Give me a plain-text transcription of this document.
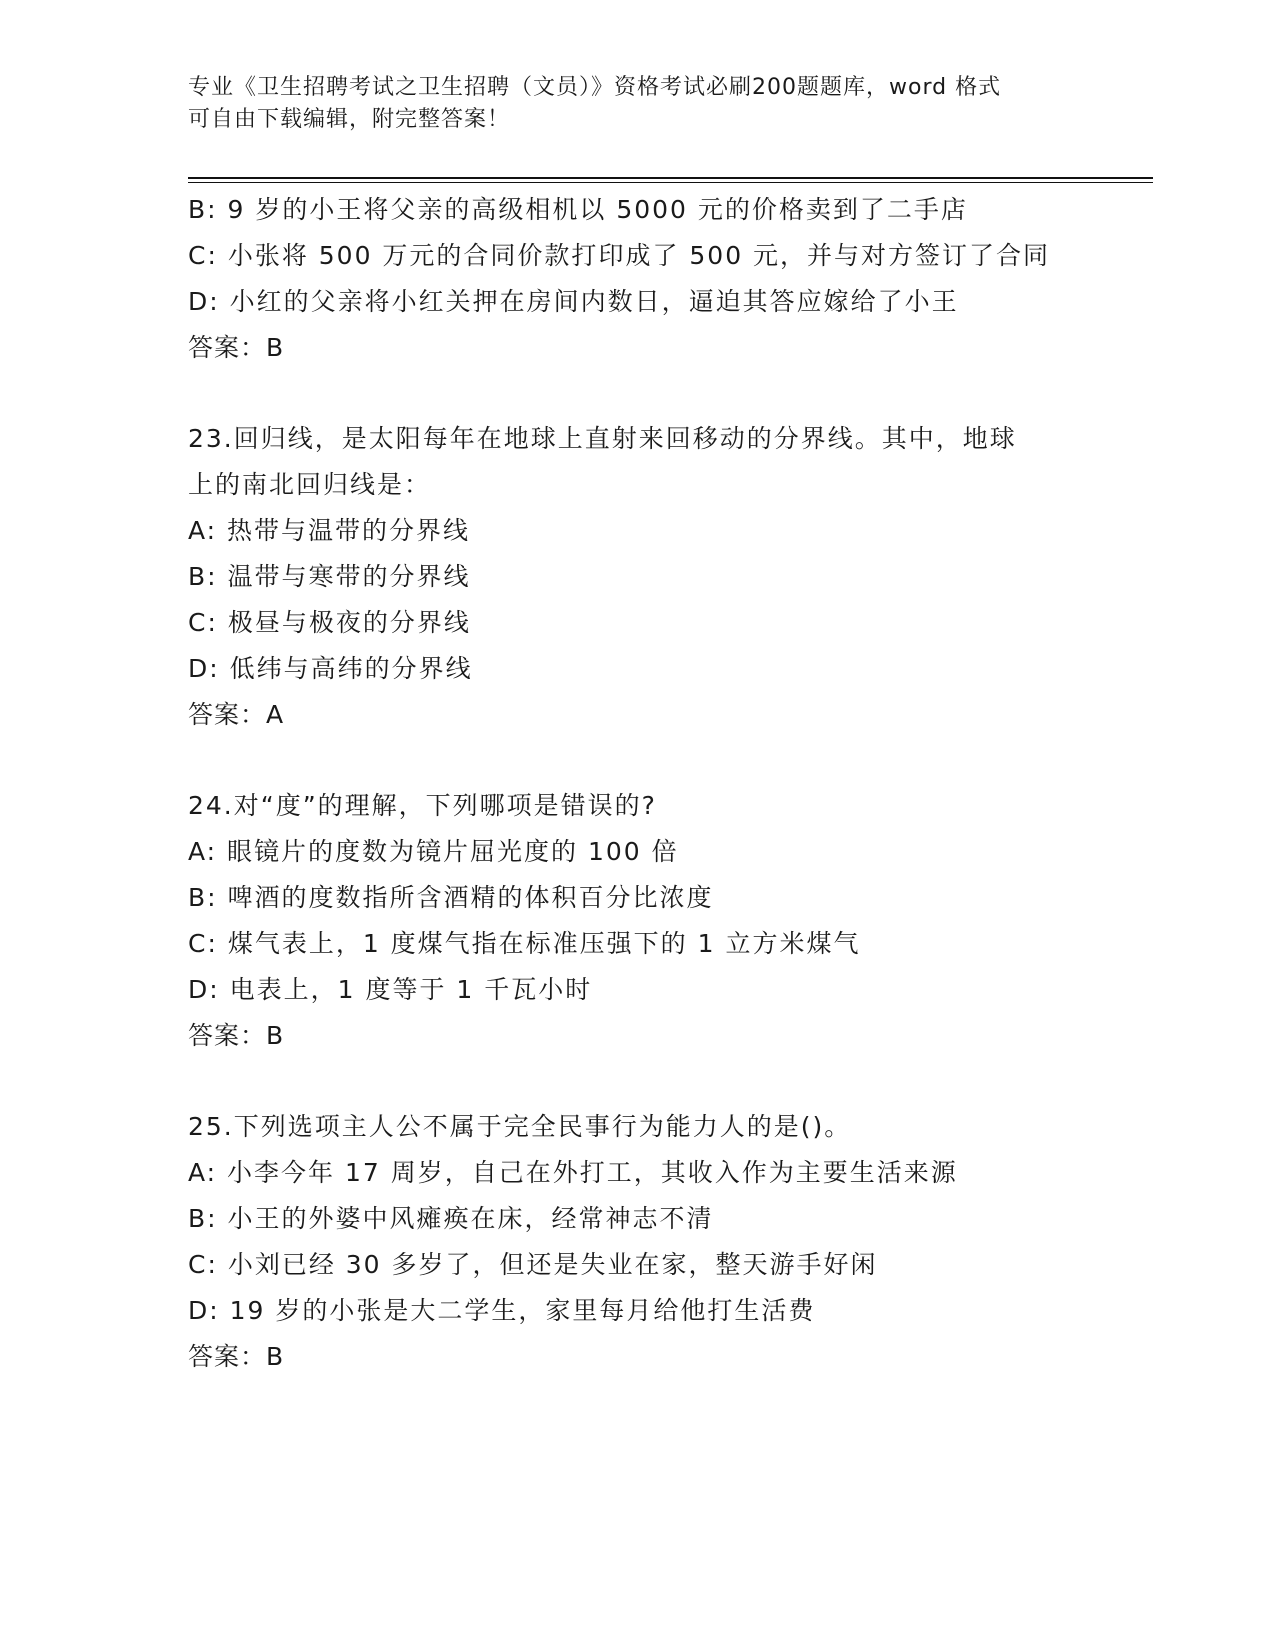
专业《卫生招聘考试之卫生招聘（文员）》资格考试必刷200题题库，word 格式
可自由下载编辑，附完整答案！
B: 9 岁的小王将父亲的高级相机以 5000 元的价格卖到了二手店
C: 小张将 500 万元的合同价款打印成了 500 元，并与对方签订了合同
D: 小红的父亲将小红关押在房间内数日，逼迫其答应嫁给了小王
答案：B
23.回归线，是太阳每年在地球上直射来回移动的分界线。其中，地球
上的南北回归线是：
A: 热带与温带的分界线
B: 温带与寒带的分界线
C: 极昼与极夜的分界线
D: 低纬与高纬的分界线
答案：A
24.对“度”的理解，下列哪项是错误的?
A: 眼镜片的度数为镜片屈光度的 100 倍
B: 啤酒的度数指所含酒精的体积百分比浓度
C: 煤气表上，1 度煤气指在标准压强下的 1 立方米煤气
D: 电表上，1 度等于 1 千瓦小时
答案：B
25.下列选项主人公不属于完全民事行为能力人的是()。
A: 小李今年 17 周岁，自己在外打工，其收入作为主要生活来源
B: 小王的外婆中风瘫痪在床，经常神志不清
C: 小刘已经 30 多岁了，但还是失业在家，整天游手好闲
D: 19 岁的小张是大二学生，家里每月给他打生活费
答案：B
